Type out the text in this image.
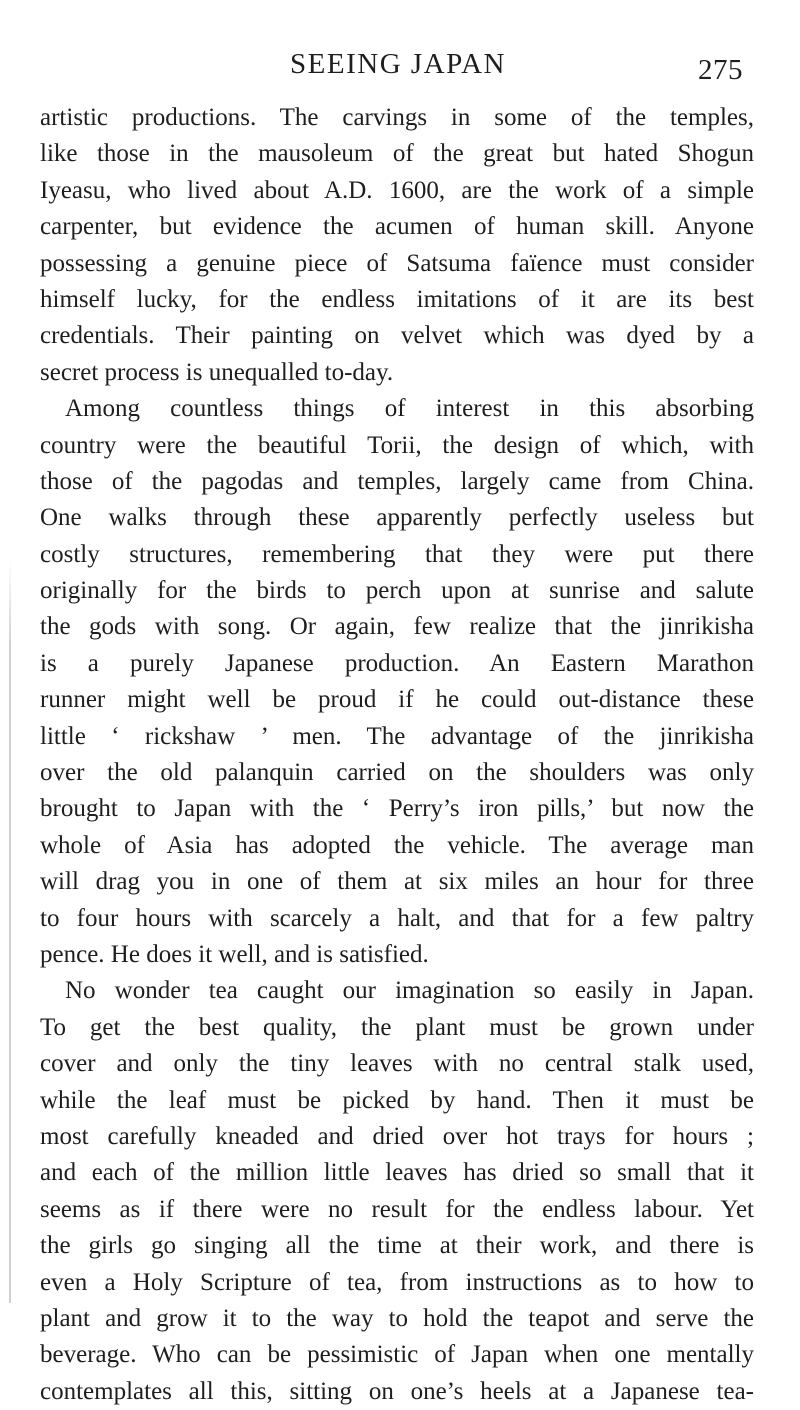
SEEING JAPAN	275
artistic productions. The carvings in some of the temples,
like those in the mausoleum of the great but hated Shogun
Iyeasu, who lived about A.D. 1600, are the work of a simple
carpenter, but evidence the acumen of human skill. Anyone
possessing a genuine piece of Satsuma faïence must consider
himself lucky, for the endless imitations of it are its best
credentials. Their painting on velvet which was dyed by a
secret process is unequalled to-day.
Among countless things of interest in this absorbing
country were the beautiful Torii, the design of which, with
those of the pagodas and temples, largely came from China.
One walks through these apparently perfectly useless but
costly structures, remembering that they were put there
originally for the birds to perch upon at sunrise and salute
the gods with song. Or again, few realize that the jinrikisha
is a purely Japanese production. An Eastern Marathon
runner might well be proud if he could out-distance these
little ‘ rickshaw ’ men. The advantage of the jinrikisha
over the old palanquin carried on the shoulders was only
brought to Japan with the ‘ Perry’s iron pills,’ but now the
whole of Asia has adopted the vehicle. The average man
will drag you in one of them at six miles an hour for three
to four hours with scarcely a halt, and that for a few paltry
pence. He does it well, and is satisfied.
No wonder tea caught our imagination so easily in Japan.
To get the best quality, the plant must be grown under
cover and only the tiny leaves with no central stalk used,
while the leaf must be picked by hand. Then it must be
most carefully kneaded and dried over hot trays for hours ;
and each of the million little leaves has dried so small that it
seems as if there were no result for the endless labour. Yet
the girls go singing all the time at their work, and there is
even a Holy Scripture of tea, from instructions as to how to
plant and grow it to the way to hold the teapot and serve the
beverage. Who can be pessimistic of Japan when one mentally
contemplates all this, sitting on one’s heels at a Japanese tea-
